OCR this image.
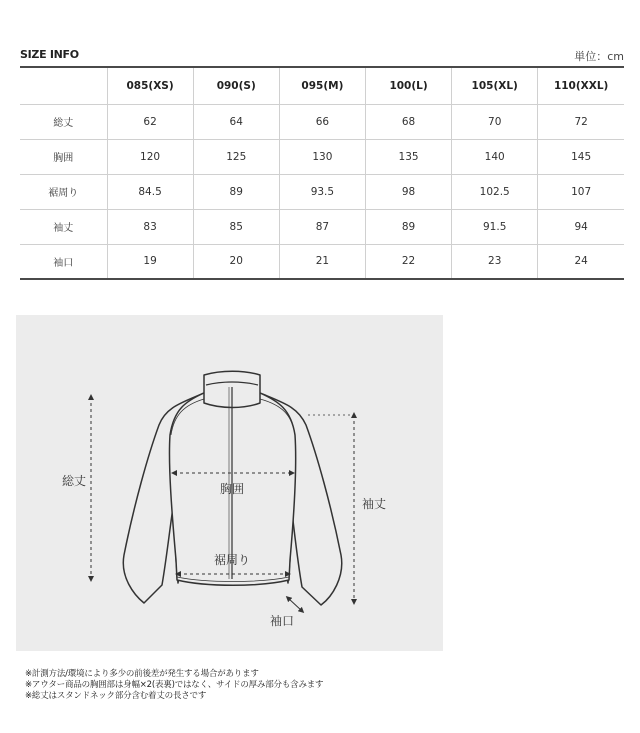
SIZE INFO	単位：cm
	085(XS)	090(S)	095(M)	100(L)	105(XL)	110(XXL)
総丈	62	64	66	68	70	72
胸囲	120	125	130	135	140	145
裾周り	84.5	89	93.5	98	102.5	107
袖丈	83	85	87	89	91.5	94
袖口	19	20	21	22	23	24
総丈
胸囲
裾周り
袖丈
袖口

※計測方法/環境により多少の前後差が発生する場合があります

※アウター商品の胸囲部は身幅×2(表裏)ではなく、サイドの厚み部分も含みます

※総丈はスタンドネック部分含む着丈の長さです
